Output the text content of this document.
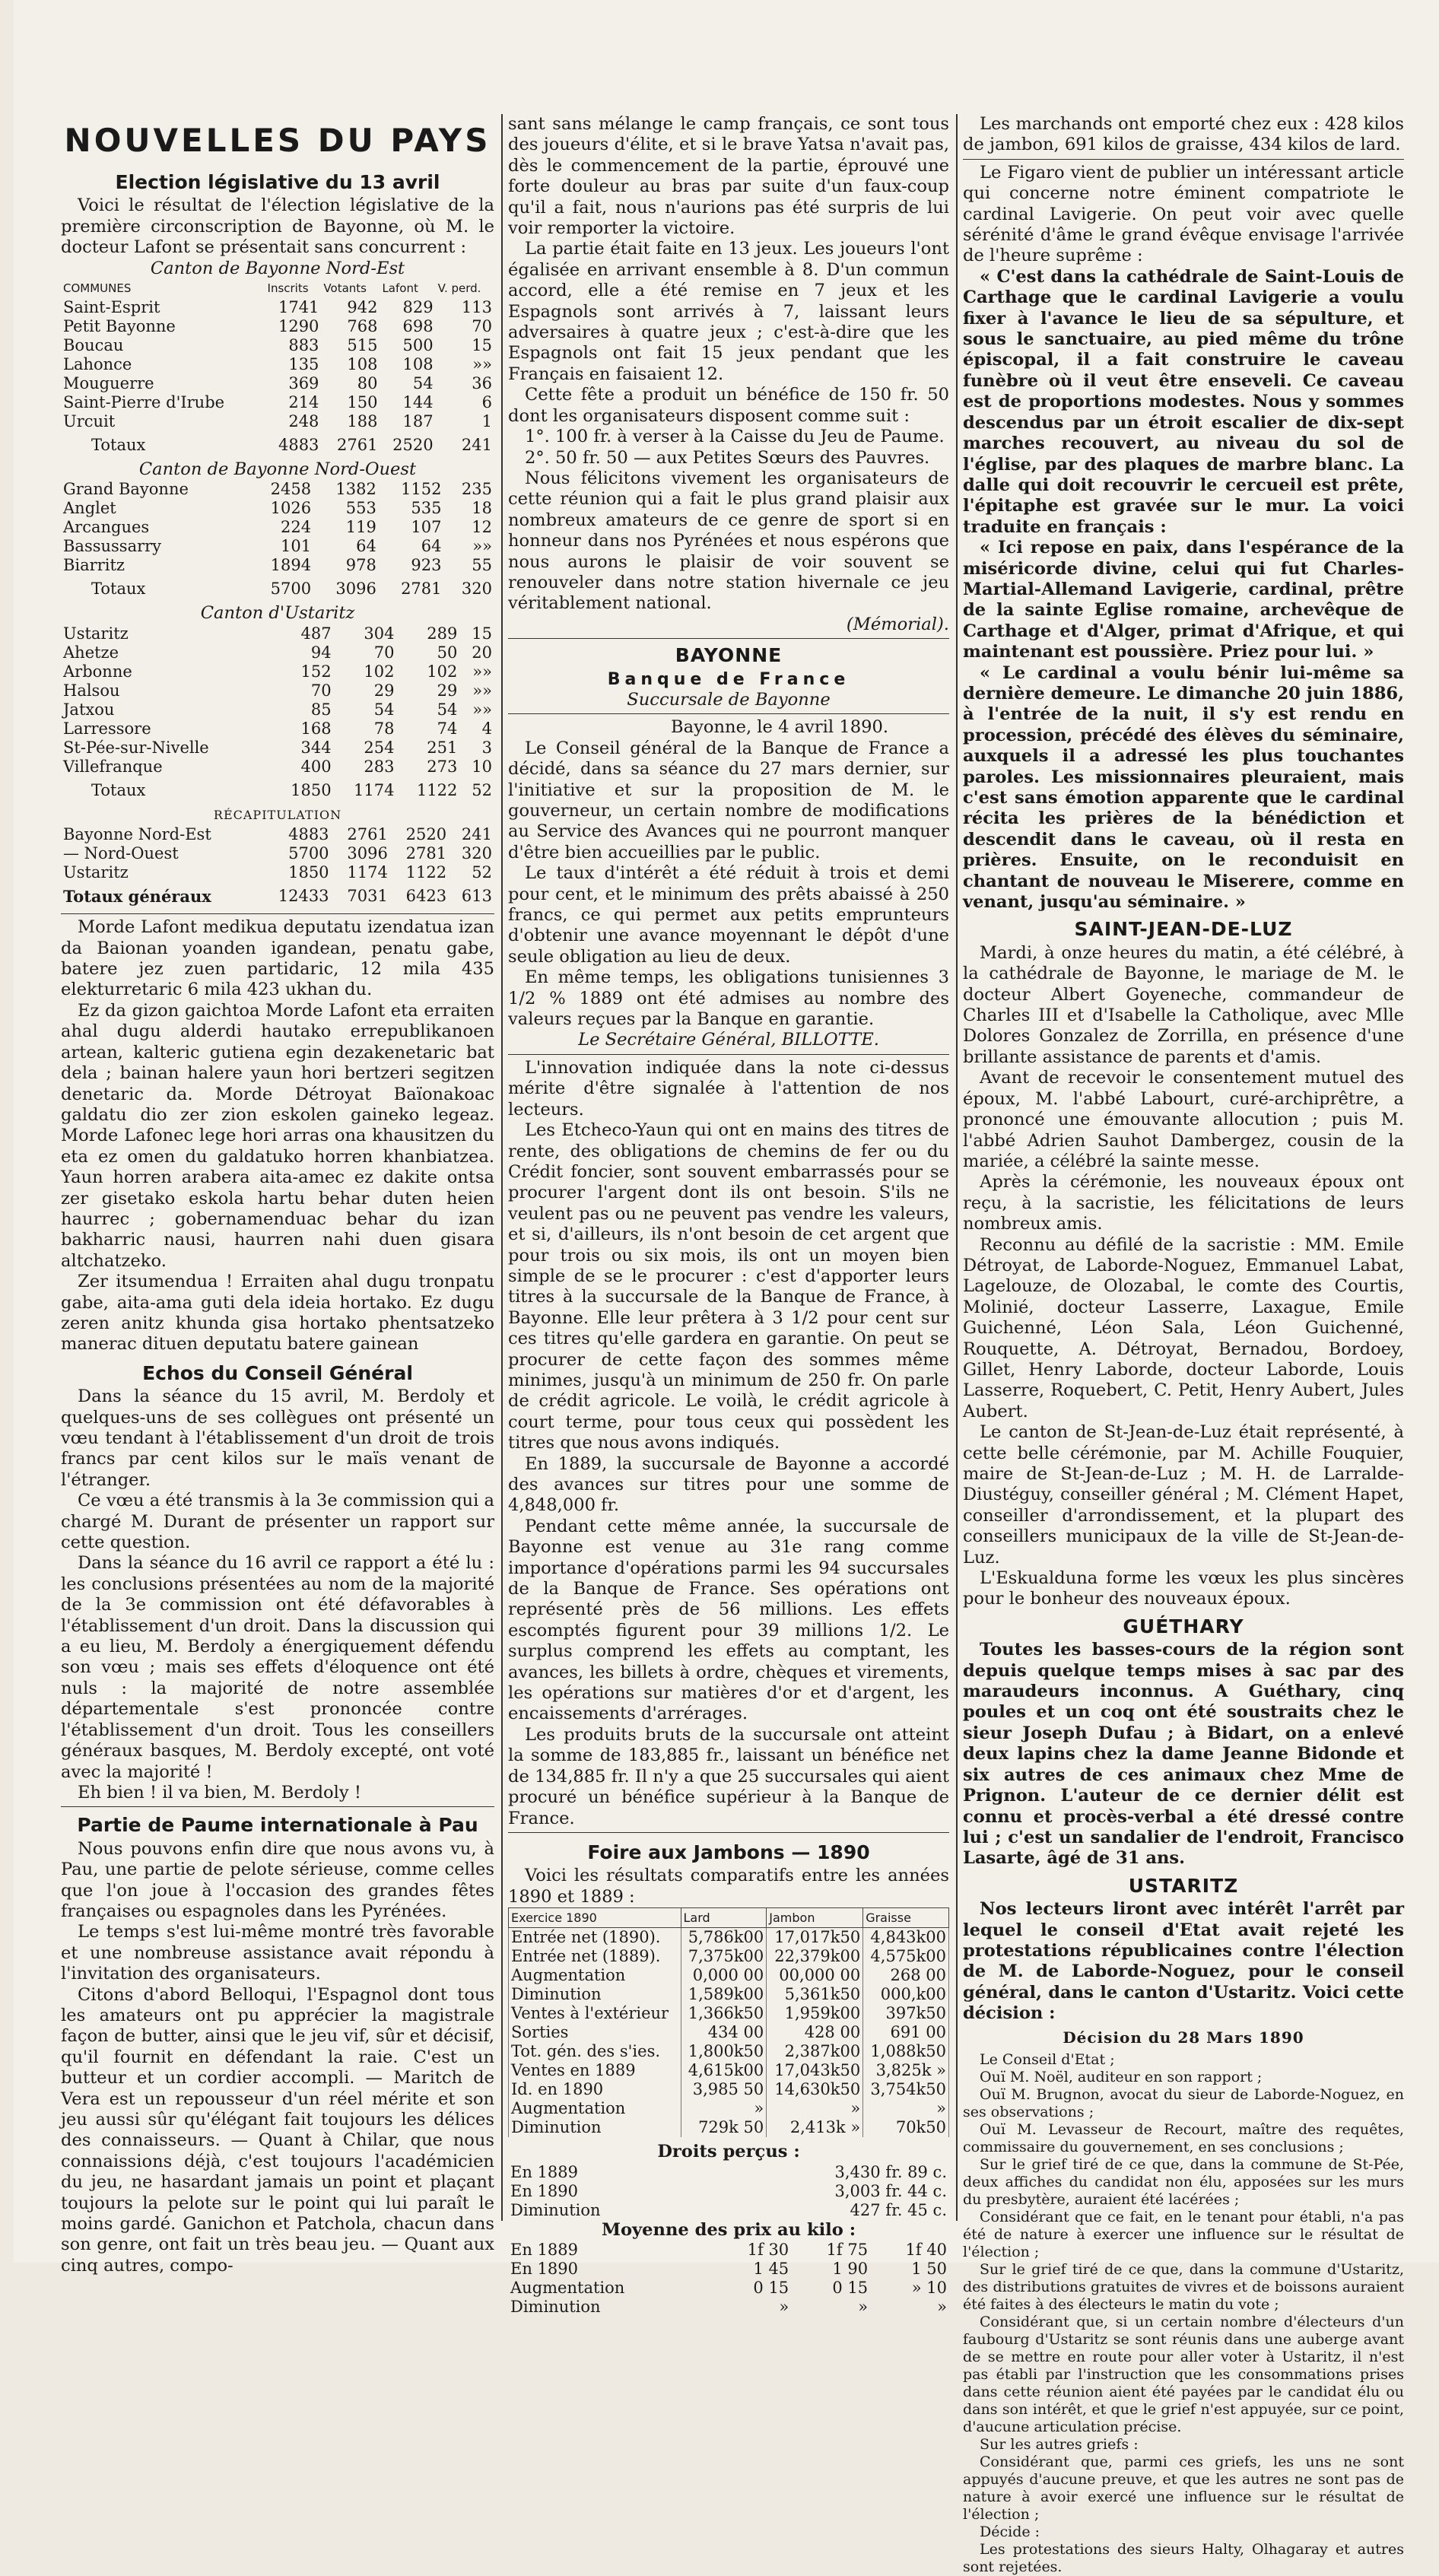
NOUVELLES DU PAYS
Election législative du 13 avril

Voici le résultat de l'élection législative de la première circonscription de Bayonne, où M. le docteur Lafont se présentait sans concurrent :

Canton de Bayonne Nord-Est
COMMUNES	Inscrits	Votants	Lafont	V. perd.
Saint-Esprit	1741	942	829	113
Petit Bayonne	1290	768	698	70
Boucau	883	515	500	15
Lahonce	135	108	108	»»
Mouguerre	369	80	54	36
Saint-Pierre d'Irube	214	150	144	6
Urcuit	248	188	187	1
Totaux	4883	2761	2520	241
Canton de Bayonne Nord-Ouest
Grand Bayonne	2458	1382	1152	235
Anglet	1026	553	535	18
Arcangues	224	119	107	12
Bassussarry	101	64	64	»»
Biarritz	1894	978	923	55
Totaux	5700	3096	2781	320
Canton d'Ustaritz
Ustaritz	487	304	289	15
Ahetze	94	70	50	20
Arbonne	152	102	102	»»
Halsou	70	29	29	»»
Jatxou	85	54	54	»»
Larressore	168	78	74	4
St-Pée-sur-Nivelle	344	254	251	3
Villefranque	400	283	273	10
Totaux	1850	1174	1122	52
RÉCAPITULATION
Bayonne Nord-Est	4883	2761	2520	241
— Nord-Ouest	5700	3096	2781	320
Ustaritz	1850	1174	1122	52
Totaux généraux	12433	7031	6423	613

Morde Lafont medikua deputatu izendatua izan da Baionan yoanden igandean, penatu gabe, batere jez zuen partidaric, 12 mila 435 elekturretaric 6 mila 423 ukhan du.

Ez da gizon gaichtoa Morde Lafont eta erraiten ahal dugu alderdi hautako errepublikanoen artean, kalteric gutiena egin dezakenetaric bat dela ; bainan halere yaun hori bertzeri segitzen denetaric da. Morde Détroyat Baïonakoac galdatu dio zer zion eskolen gaineko legeaz. Morde Lafonec lege hori arras ona khausitzen du eta ez omen du galdatuko horren khanbiatzea. Yaun horren arabera aita-amec ez dakite ontsa zer gisetako eskola hartu behar duten heien haurrec ; gobernamenduac behar du izan bakharric nausi, haurren nahi duen gisara altchatzeko.

Zer itsumendua ! Erraiten ahal dugu tronpatu gabe, aita-ama guti dela ideia hortako. Ez dugu zeren anitz khunda gisa hortako phentsatzeko manerac dituen deputatu batere gainean

Echos du Conseil Général

Dans la séance du 15 avril, M. Berdoly et quelques-uns de ses collègues ont présenté un vœu tendant à l'établissement d'un droit de trois francs par cent kilos sur le maïs venant de l'étranger.

Ce vœu a été transmis à la 3e commission qui a chargé M. Durant de présenter un rapport sur cette question.

Dans la séance du 16 avril ce rapport a été lu : les conclusions présentées au nom de la majorité de la 3e commission ont été défavorables à l'établissement d'un droit. Dans la discussion qui a eu lieu, M. Berdoly a énergiquement défendu son vœu ; mais ses effets d'éloquence ont été nuls : la majorité de notre assemblée départementale s'est prononcée contre l'établissement d'un droit. Tous les conseillers généraux basques, M. Berdoly excepté, ont voté avec la majorité !

Eh bien ! il va bien, M. Berdoly !

Partie de Paume internationale à Pau

Nous pouvons enfin dire que nous avons vu, à Pau, une partie de pelote sérieuse, comme celles que l'on joue à l'occasion des grandes fêtes françaises ou espagnoles dans les Pyrénées.

Le temps s'est lui-même montré très favorable et une nombreuse assistance avait répondu à l'invitation des organisateurs.

Citons d'abord Belloqui, l'Espagnol dont tous les amateurs ont pu apprécier la magistrale façon de butter, ainsi que le jeu vif, sûr et décisif, qu'il fournit en défendant la raie. C'est un butteur et un cordier accompli. — Maritch de Vera est un repousseur d'un réel mérite et son jeu aussi sûr qu'élégant fait toujours les délices des connaisseurs. — Quant à Chilar, que nous connaissions déjà, c'est toujours l'académicien du jeu, ne hasardant jamais un point et plaçant toujours la pelote sur le point qui lui paraît le moins gardé. Ganichon et Patchola, chacun dans son genre, ont fait un très beau jeu. — Quant aux cinq autres, compo-

sant sans mélange le camp français, ce sont tous des joueurs d'élite, et si le brave Yatsa n'avait pas, dès le commencement de la partie, éprouvé une forte douleur au bras par suite d'un faux-coup qu'il a fait, nous n'aurions pas été surpris de lui voir remporter la victoire.

La partie était faite en 13 jeux. Les joueurs l'ont égalisée en arrivant ensemble à 8. D'un commun accord, elle a été remise en 7 jeux et les Espagnols sont arrivés à 7, laissant leurs adversaires à quatre jeux ; c'est-à-dire que les Espagnols ont fait 15 jeux pendant que les Français en faisaient 12.

Cette fête a produit un bénéfice de 150 fr. 50 dont les organisateurs disposent comme suit :

1°. 100 fr. à verser à la Caisse du Jeu de Paume.

2°. 50 fr. 50 — aux Petites Sœurs des Pauvres.

Nous félicitons vivement les organisateurs de cette réunion qui a fait le plus grand plaisir aux nombreux amateurs de ce genre de sport si en honneur dans nos Pyrénées et nous espérons que nous aurons le plaisir de voir souvent se renouveler dans notre station hivernale ce jeu véritablement national.

(Mémorial).
BAYONNE
Banque de France
Succursale de Bayonne
Bayonne, le 4 avril 1890.

Le Conseil général de la Banque de France a décidé, dans sa séance du 27 mars dernier, sur l'initiative et sur la proposition de M. le gouverneur, un certain nombre de modifications au Service des Avances qui ne pourront manquer d'être bien accueillies par le public.

Le taux d'intérêt a été réduit à trois et demi pour cent, et le minimum des prêts abaissé à 250 francs, ce qui permet aux petits emprunteurs d'obtenir une avance moyennant le dépôt d'une seule obligation au lieu de deux.

En même temps, les obligations tunisiennes 3 1/2 % 1889 ont été admises au nombre des valeurs reçues par la Banque en garantie.

Le Secrétaire Général, BILLOTTE.

L'innovation indiquée dans la note ci-dessus mérite d'être signalée à l'attention de nos lecteurs.

Les Etcheco-Yaun qui ont en mains des titres de rente, des obligations de chemins de fer ou du Crédit foncier, sont souvent embarrassés pour se procurer l'argent dont ils ont besoin. S'ils ne veulent pas ou ne peuvent pas vendre les valeurs, et si, d'ailleurs, ils n'ont besoin de cet argent que pour trois ou six mois, ils ont un moyen bien simple de se le procurer : c'est d'apporter leurs titres à la succursale de la Banque de France, à Bayonne. Elle leur prêtera à 3 1/2 pour cent sur ces titres qu'elle gardera en garantie. On peut se procurer de cette façon des sommes même minimes, jusqu'à un minimum de 250 fr. On parle de crédit agricole. Le voilà, le crédit agricole à court terme, pour tous ceux qui possèdent les titres que nous avons indiqués.

En 1889, la succursale de Bayonne a accordé des avances sur titres pour une somme de 4,848,000 fr.

Pendant cette même année, la succursale de Bayonne est venue au 31e rang comme importance d'opérations parmi les 94 succursales de la Banque de France. Ses opérations ont représenté près de 56 millions. Les effets escomptés figurent pour 39 millions 1/2. Le surplus comprend les effets au comptant, les avances, les billets à ordre, chèques et virements, les opérations sur matières d'or et d'argent, les encaissements d'arrérages.

Les produits bruts de la succursale ont atteint la somme de 183,885 fr., laissant un bénéfice net de 134,885 fr. Il n'y a que 25 succursales qui aient procuré un bénéfice supérieur à la Banque de France.

Foire aux Jambons — 1890

Voici les résultats comparatifs entre les années 1890 et 1889 :

Exercice 1890	Lard	Jambon	Graisse
Entrée net (1890).	5,786k00	17,017k50	4,843k00
Entrée net (1889).	7,375k00	22,379k00	4,575k00
Augmentation	0,000 00	00,000 00	268 00
Diminution	1,589k00	5,361k50	000,k00
Ventes à l'extérieur	1,366k50	1,959k00	397k50
Sorties	434 00	428 00	691 00
Tot. gén. des s'ies.	1,800k50	2,387k00	1,088k50
Ventes en 1889	4,615k00	17,043k50	3,825k »
Id. en 1890	3,985 50	14,630k50	3,754k50
Augmentation	»	»	»
Diminution	729k 50	2,413k »	70k50
Droits perçus :
En 1889	3,430 fr. 89 c.
En 1890	3,003 fr. 44 c.
Diminution	427 fr. 45 c.
Moyenne des prix au kilo :
En 1889	1f 30	1f 75	1f 40
En 1890	1 45	1 90	1 50
Augmentation	0 15	0 15	» 10
Diminution	»	»	»

Les marchands ont emporté chez eux : 428 kilos de jambon, 691 kilos de graisse, 434 kilos de lard.

Le Figaro vient de publier un intéressant article qui concerne notre éminent compatriote le cardinal Lavigerie. On peut voir avec quelle sérénité d'âme le grand évêque envisage l'arrivée de l'heure suprême :

« C'est dans la cathédrale de Saint-Louis de Carthage que le cardinal Lavigerie a voulu fixer à l'avance le lieu de sa sépulture, et sous le sanctuaire, au pied même du trône épiscopal, il a fait construire le caveau funèbre où il veut être enseveli. Ce caveau est de proportions modestes. Nous y sommes descendus par un étroit escalier de dix-sept marches recouvert, au niveau du sol de l'église, par des plaques de marbre blanc. La dalle qui doit recouvrir le cercueil est prête, l'épitaphe est gravée sur le mur. La voici traduite en français :

« Ici repose en paix, dans l'espérance de la miséricorde divine, celui qui fut Charles-Martial-Allemand Lavigerie, cardinal, prêtre de la sainte Eglise romaine, archevêque de Carthage et d'Alger, primat d'Afrique, et qui maintenant est poussière. Priez pour lui. »

« Le cardinal a voulu bénir lui-même sa dernière demeure. Le dimanche 20 juin 1886, à l'entrée de la nuit, il s'y est rendu en procession, précédé des élèves du séminaire, auxquels il a adressé les plus touchantes paroles. Les missionnaires pleuraient, mais c'est sans émotion apparente que le cardinal récita les prières de la bénédiction et descendit dans le caveau, où il resta en prières. Ensuite, on le reconduisit en chantant de nouveau le Miserere, comme en venant, jusqu'au séminaire. »

SAINT-JEAN-DE-LUZ

Mardi, à onze heures du matin, a été célébré, à la cathédrale de Bayonne, le mariage de M. le docteur Albert Goyeneche, commandeur de Charles III et d'Isabelle la Catholique, avec Mlle Dolores Gonzalez de Zorrilla, en présence d'une brillante assistance de parents et d'amis.

Avant de recevoir le consentement mutuel des époux, M. l'abbé Labourt, curé-archiprêtre, a prononcé une émouvante allocution ; puis M. l'abbé Adrien Sauhot Dambergez, cousin de la mariée, a célébré la sainte messe.

Après la cérémonie, les nouveaux époux ont reçu, à la sacristie, les félicitations de leurs nombreux amis.

Reconnu au défilé de la sacristie : MM. Emile Détroyat, de Laborde-Noguez, Emmanuel Labat, Lagelouze, de Olozabal, le comte des Courtis, Molinié, docteur Lasserre, Laxague, Emile Guichenné, Léon Sala, Léon Guichenné, Rouquette, A. Détroyat, Bernadou, Bordoey, Gillet, Henry Laborde, docteur Laborde, Louis Lasserre, Roquebert, C. Petit, Henry Aubert, Jules Aubert.

Le canton de St-Jean-de-Luz était représenté, à cette belle cérémonie, par M. Achille Fouquier, maire de St-Jean-de-Luz ; M. H. de Larralde-Diustéguy, conseiller général ; M. Clément Hapet, conseiller d'arrondissement, et la plupart des conseillers municipaux de la ville de St-Jean-de-Luz.

L'Eskualduna forme les vœux les plus sincères pour le bonheur des nouveaux époux.

GUÉTHARY

Toutes les basses-cours de la région sont depuis quelque temps mises à sac par des maraudeurs inconnus. A Guéthary, cinq poules et un coq ont été soustraits chez le sieur Joseph Dufau ; à Bidart, on a enlevé deux lapins chez la dame Jeanne Bidonde et six autres de ces animaux chez Mme de Prignon. L'auteur de ce dernier délit est connu et procès-verbal a été dressé contre lui ; c'est un sandalier de l'endroit, Francisco Lasarte, âgé de 31 ans.

USTARITZ

Nos lecteurs liront avec intérêt l'arrêt par lequel le conseil d'Etat avait rejeté les protestations républicaines contre l'élection de M. de Laborde-Noguez, pour le conseil général, dans le canton d'Ustaritz. Voici cette décision :

Décision du 28 Mars 1890

Le Conseil d'Etat ;

Ouï M. Noël, auditeur en son rapport ;

Ouï M. Brugnon, avocat du sieur de Laborde-Noguez, en ses observations ;

Ouï M. Levasseur de Recourt, maître des requêtes, commissaire du gouvernement, en ses conclusions ;

Sur le grief tiré de ce que, dans la commune de St-Pée, deux affiches du candidat non élu, apposées sur les murs du presbytère, auraient été lacérées ;

Considérant que ce fait, en le tenant pour établi, n'a pas été de nature à exercer une influence sur le résultat de l'élection ;

Sur le grief tiré de ce que, dans la commune d'Ustaritz, des distributions gratuites de vivres et de boissons auraient été faites à des électeurs le matin du vote ;

Considérant que, si un certain nombre d'électeurs d'un faubourg d'Ustaritz se sont réunis dans une auberge avant de se mettre en route pour aller voter à Ustaritz, il n'est pas établi par l'instruction que les consommations prises dans cette réunion aient été payées par le candidat élu ou dans son intérêt, et que le grief n'est appuyée, sur ce point, d'aucune articulation précise.

Sur les autres griefs :

Considérant que, parmi ces griefs, les uns ne sont appuyés d'aucune preuve, et que les autres ne sont pas de nature à avoir exercé une influence sur le résultat de l'élection ;

Décide :

Les protestations des sieurs Halty, Olhagaray et autres sont rejetées.
